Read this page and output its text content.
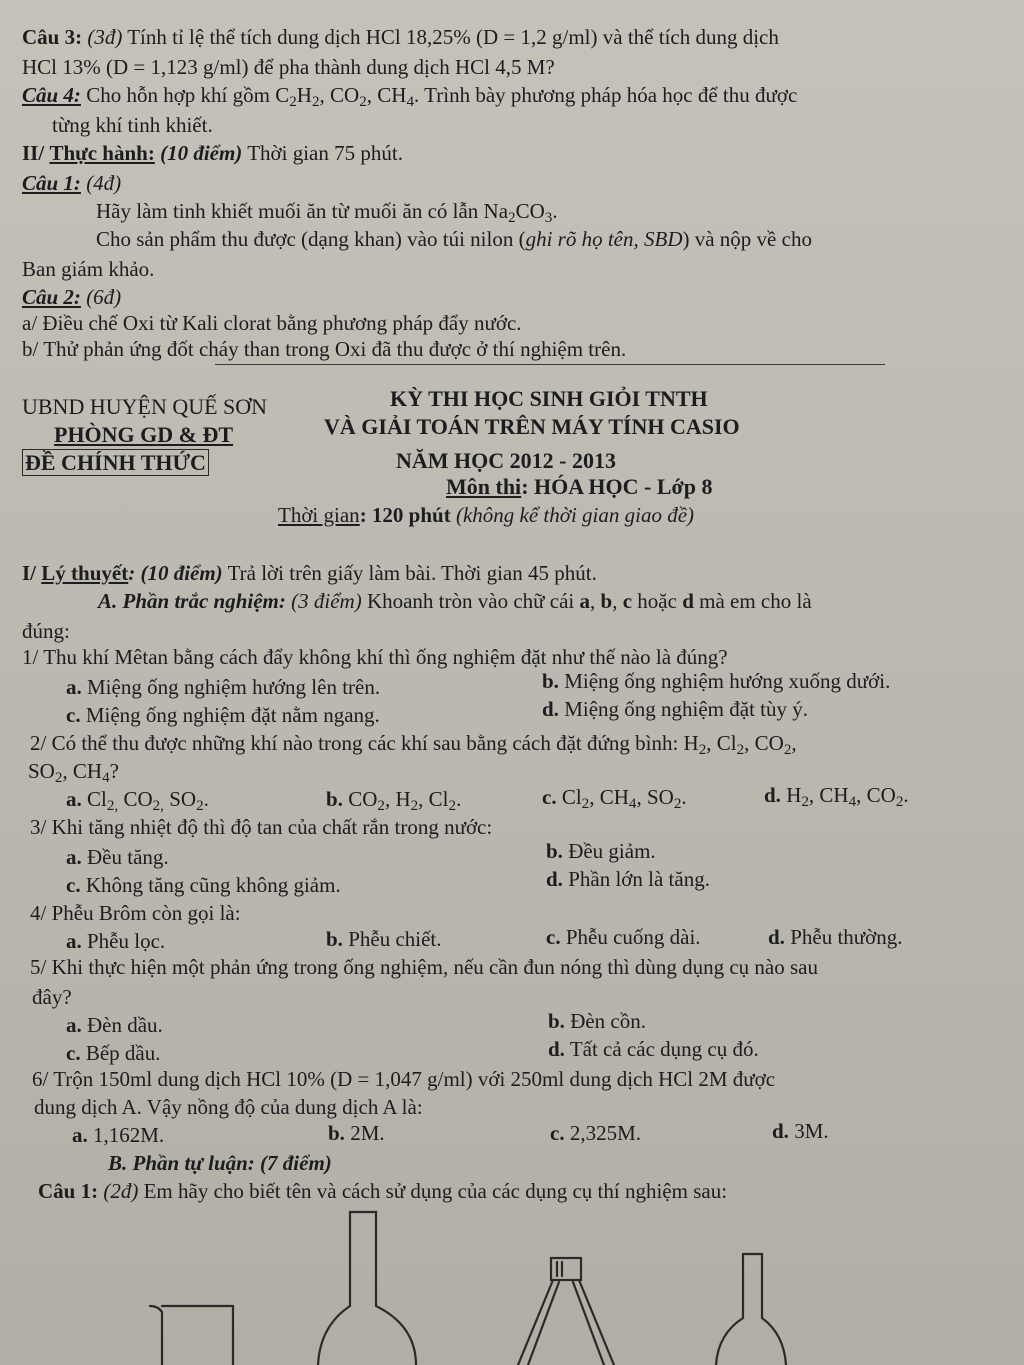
Câu 3: (3đ) Tính tỉ lệ thể tích dung dịch HCl 18,25% (D = 1,2 g/ml) và thể tích dung dịch
HCl 13% (D = 1,123 g/ml) để pha thành dung dịch HCl 4,5 M?
Câu 4: Cho hỗn hợp khí gồm $C_2H_2$, $CO_2$, $CH_4$. Trình bày phương pháp hóa học để thu được
từng khí tinh khiết.
II/ Thực hành: (10 điểm) Thời gian 75 phút.
Câu 1: (4đ)
Hãy làm tinh khiết muối ăn từ muối ăn có lẫn $Na_2CO_3$.
Cho sản phẩm thu được (dạng khan) vào túi nilon (ghi rõ họ tên, SBD) và nộp về cho
Ban giám khảo.
Câu 2: (6đ)
a/ Điều chế Oxi từ Kali clorat bằng phương pháp đẩy nước.
b/ Thử phản ứng đốt cháy than trong Oxi đã thu được ở thí nghiệm trên.
UBND HUYỆN QUẾ SƠN
PHÒNG GD & ĐT
ĐỀ CHÍNH THỨC
KỲ THI HỌC SINH GIỎI TNTH
VÀ GIẢI TOÁN TRÊN MÁY TÍNH CASIO
NĂM HỌC 2012 - 2013
Môn thi: HÓA HỌC - Lớp 8
Thời gian: 120 phút (không kể thời gian giao đề)
I/ Lý thuyết: (10 điểm) Trả lời trên giấy làm bài. Thời gian 45 phút.
A. Phần trắc nghiệm: (3 điểm) Khoanh tròn vào chữ cái a, b, c hoặc d mà em cho là
đúng:
1/ Thu khí Mêtan bằng cách đẩy không khí thì ống nghiệm đặt như thế nào là đúng?
a. Miệng ống nghiệm hướng lên trên.	b. Miệng ống nghiệm hướng xuống dưới.
c. Miệng ống nghiệm đặt nằm ngang.	d. Miệng ống nghiệm đặt tùy ý.
2/ Có thể thu được những khí nào trong các khí sau bằng cách đặt đứng bình: $H_2$, $Cl_2$, $CO_2$,
$SO_2$, $CH_4$?
a. $Cl_{2,}$ $CO_{2,}$ $SO_2$.	b. $CO_2$, $H_2$, $Cl_2$.	c. $Cl_2$, $CH_4$, $SO_2$.	d. $H_2$, $CH_4$, $CO_2$.
3/ Khi tăng nhiệt độ thì độ tan của chất rắn trong nước:
a. Đều tăng.	b. Đều giảm.
c. Không tăng cũng không giảm.	d. Phần lớn là tăng.
4/ Phễu Brôm còn gọi là:
a. Phễu lọc.	b. Phễu chiết.	c. Phễu cuống dài.	d. Phễu thường.
5/ Khi thực hiện một phản ứng trong ống nghiệm, nếu cần đun nóng thì dùng dụng cụ nào sau
đây?
a. Đèn dầu.	b. Đèn cồn.
c. Bếp dầu.	d. Tất cả các dụng cụ đó.
6/ Trộn 150ml dung dịch HCl 10% (D = 1,047 g/ml) với 250ml dung dịch HCl 2M được
dung dịch A. Vậy nồng độ của dung dịch A là:
a. 1,162M.	b. 2M.	c. 2,325M.	d. 3M.
B. Phần tự luận: (7 điểm)
Câu 1: (2đ) Em hãy cho biết tên và cách sử dụng của các dụng cụ thí nghiệm sau:
